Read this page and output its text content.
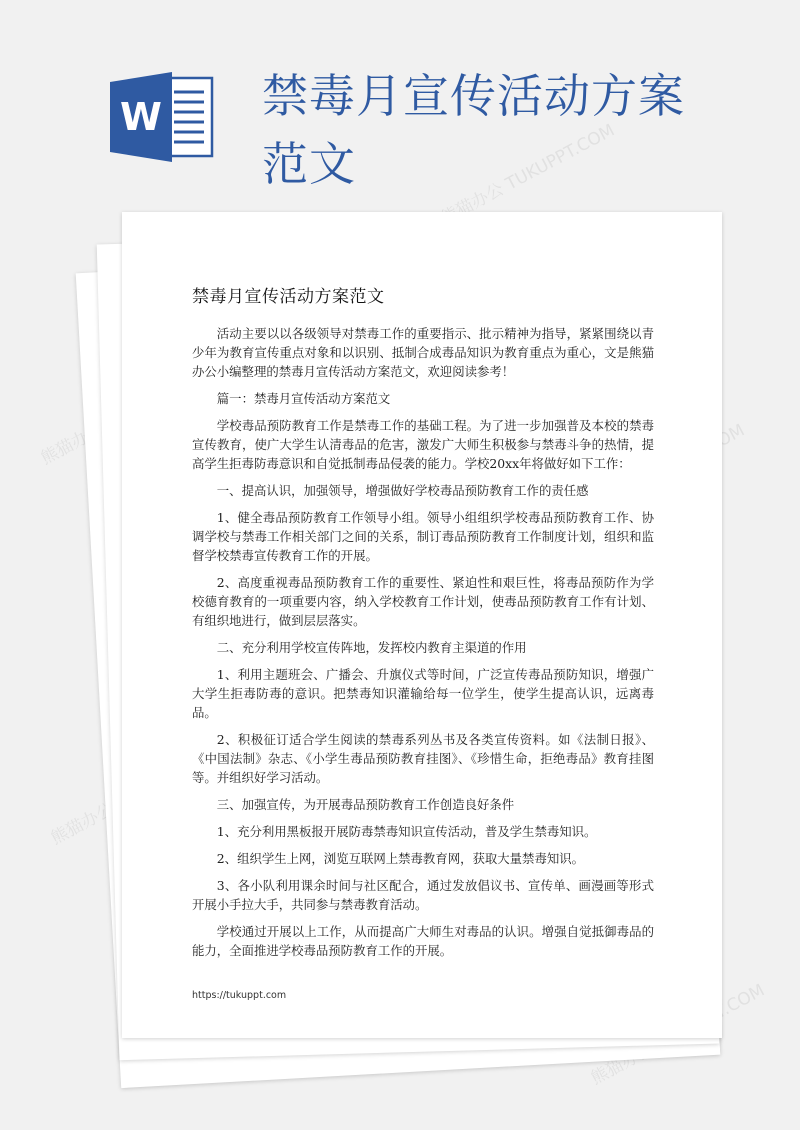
W 禁毒月宣传活动方案范文	熊猫办公 TUKUPPT.COM
熊猫办公
熊猫办公
熊猫办公
禁毒月宣传活动方案范文

活动主要以以各级领导对禁毒工作的重要指示、批示精神为指导，紧紧围绕以青少年为教育宣传重点对象和以识别、抵制合成毒品知识为教育重点为重心，文是熊猫办公小编整理的禁毒月宣传活动方案范文，欢迎阅读参考！

篇一：禁毒月宣传活动方案范文

学校毒品预防教育工作是禁毒工作的基础工程。为了进一步加强普及本校的禁毒宣传教育，使广大学生认清毒品的危害，激发广大师生积极参与禁毒斗争的热情，提高学生拒毒防毒意识和自觉抵制毒品侵袭的能力。学校20xx年将做好如下工作：

一、提高认识，加强领导，增强做好学校毒品预防教育工作的责任感

1、健全毒品预防教育工作领导小组。领导小组组织学校毒品预防教育工作、协调学校与禁毒工作相关部门之间的关系，制订毒品预防教育工作制度计划，组织和监督学校禁毒宣传教育工作的开展。

2、高度重视毒品预防教育工作的重要性、紧迫性和艰巨性，将毒品预防作为学校德育教育的一项重要内容，纳入学校教育工作计划，使毒品预防教育工作有计划、有组织地进行，做到层层落实。

二、充分利用学校宣传阵地，发挥校内教育主渠道的作用

1、利用主题班会、广播会、升旗仪式等时间，广泛宣传毒品预防知识，增强广大学生拒毒防毒的意识。把禁毒知识灌输给每一位学生，使学生提高认识，远离毒品。

2、积极征订适合学生阅读的禁毒系列丛书及各类宣传资料。如《法制日报》、《中国法制》杂志、《小学生毒品预防教育挂图》、《珍惜生命，拒绝毒品》教育挂图等。并组织好学习活动。

三、加强宣传，为开展毒品预防教育工作创造良好条件

1、充分利用黑板报开展防毒禁毒知识宣传活动，普及学生禁毒知识。

2、组织学生上网，浏览互联网上禁毒教育网，获取大量禁毒知识。

3、各小队利用课余时间与社区配合，通过发放倡议书、宣传单、画漫画等形式开展小手拉大手，共同参与禁毒教育活动。

学校通过开展以上工作，从而提高广大师生对毒品的认识。增强自觉抵御毒品的能力，全面推进学校毒品预防教育工作的开展。

https://tukuppt.com
